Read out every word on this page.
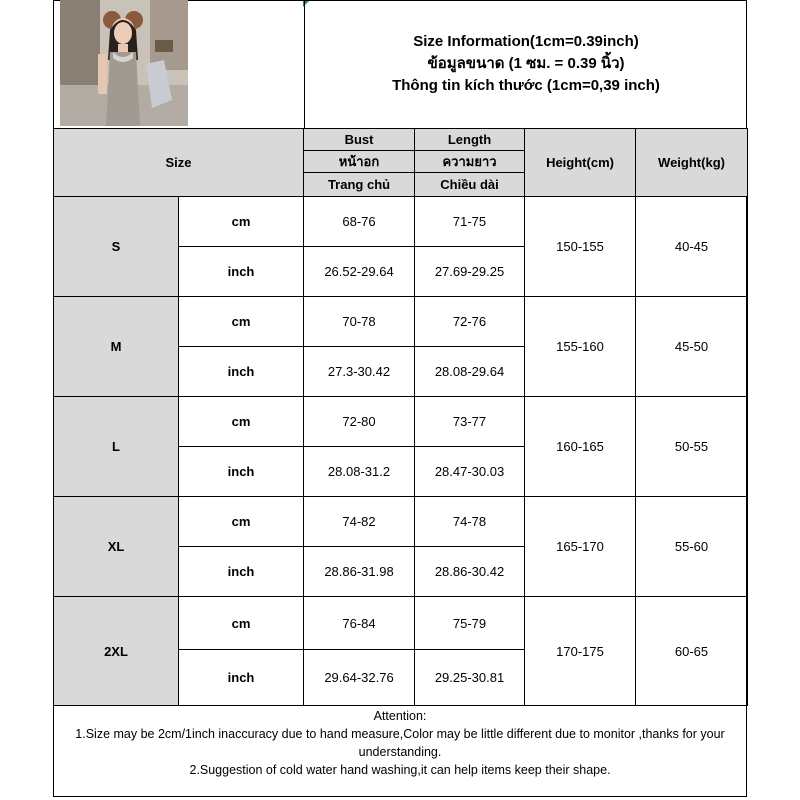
Size Information(1cm=0.39inch)
ข้อมูลขนาด (1 ซม. = 0.39 นิ้ว)
Thông tin kích thước (1cm=0,39 inch)
Size		Bust	Length	Height(cm)	Weight(kg)
		หน้าอก	ความยาว		
		Trang chủ	Chiều dài		
S	cm	68-76	71-75	150-155	40-45
	inch	26.52-29.64	27.69-29.25		
M	cm	70-78	72-76	155-160	45-50
	inch	27.3-30.42	28.08-29.64		
L	cm	72-80	73-77	160-165	50-55
	inch	28.08-31.2	28.47-30.03		
XL	cm	74-82	74-78	165-170	55-60
	inch	28.86-31.98	28.86-30.42		
2XL	cm	76-84	75-79	170-175	60-65
	inch	29.64-32.76	29.25-30.81		
Attention:
1.Size may be 2cm/1inch inaccuracy due to hand measure,Color may be little different due to monitor ,thanks for your understanding.
2.Suggestion of cold water hand washing,it can help items keep their shape.
